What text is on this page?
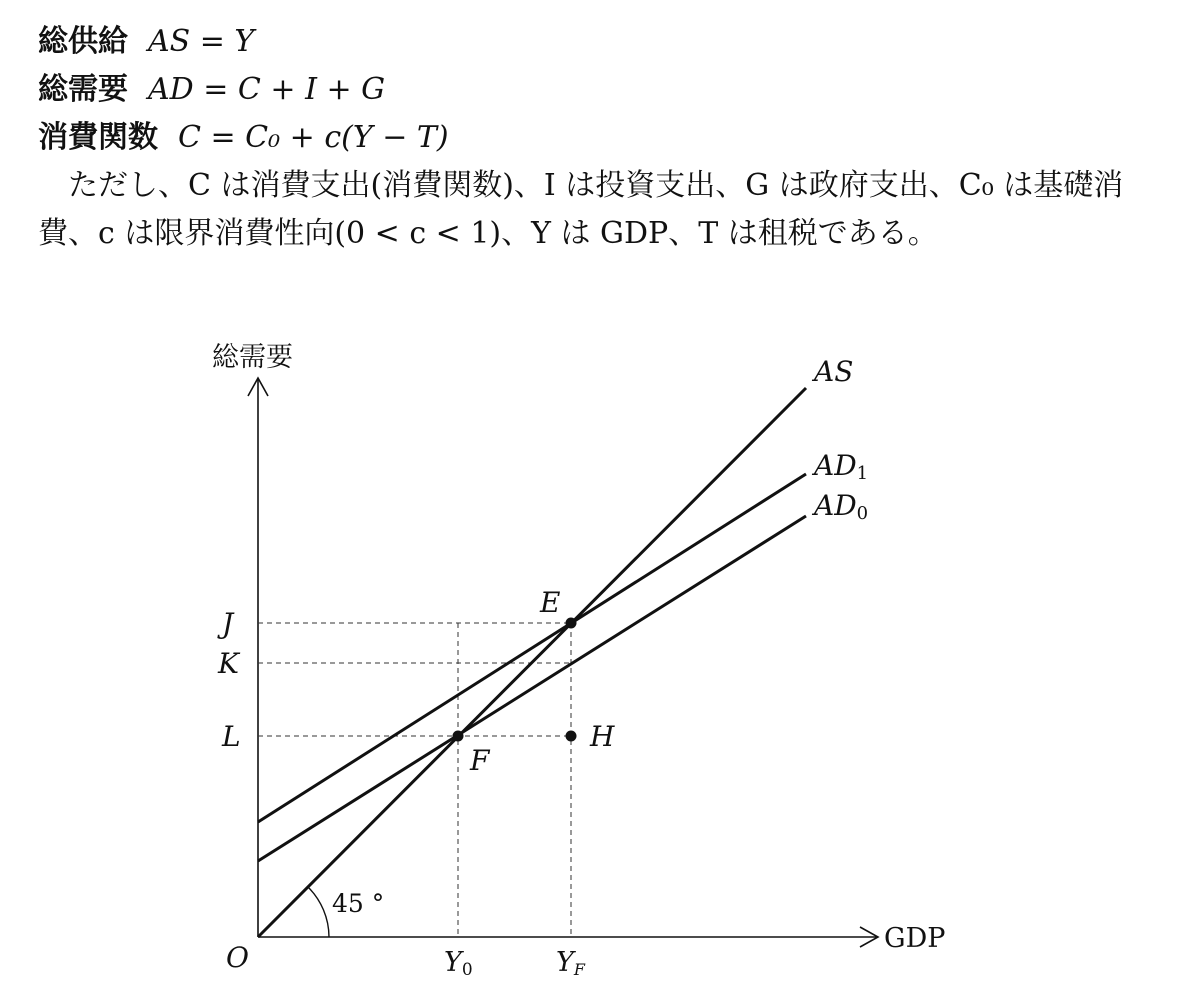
総供給 AS = Y
総需要 AD = C + I + G
消費関数 C = C₀ + c(Y − T)
ただし、C は消費支出(消費関数)、I は投資支出、G は政府支出、C₀ は基礎消
費、c は限界消費性向(0 < c < 1)、Y は GDP、T は租税である。
総需要
GDP
O
45 °
AS
AD1
AD0
J
K
L
Y0	YF
E
F
H
